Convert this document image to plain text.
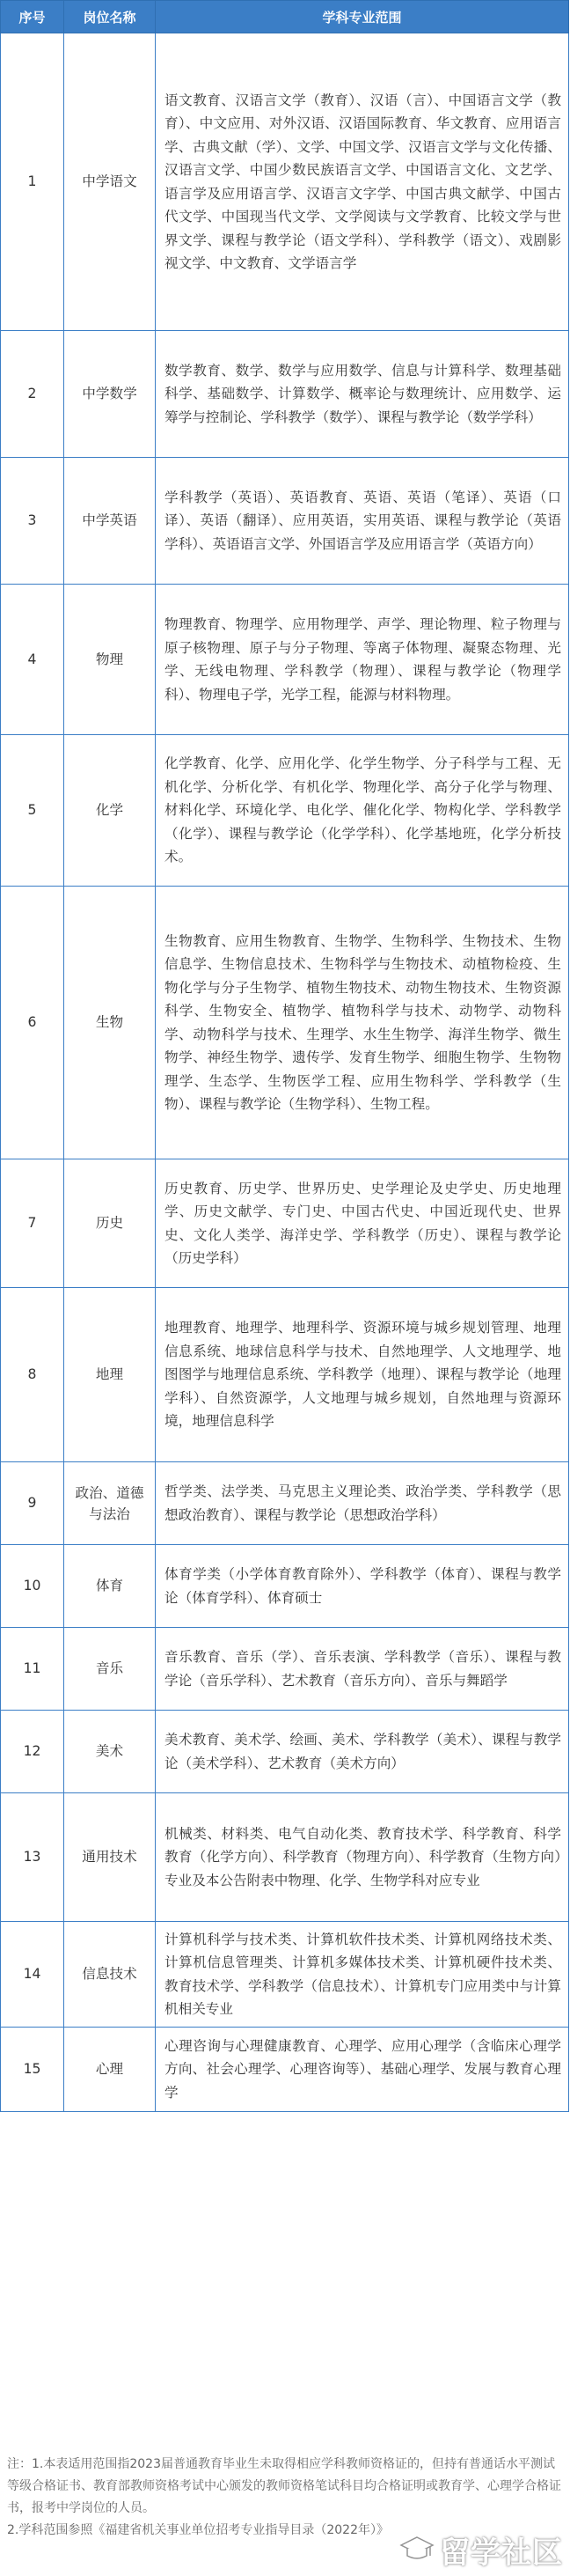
序号	岗位名称	学科专业范围
1	中学语文	语文教育、汉语言文学（教育）、汉语（言）、中国语言文学（教育）、中文应用、对外汉语、汉语国际教育、华文教育、应用语言学、古典文献（学）、文学、中国文学、汉语言文学与文化传播、汉语言文学、中国少数民族语言文学、中国语言文化、文艺学、语言学及应用语言学、汉语言文字学、中国古典文献学、中国古代文学、中国现当代文学、文学阅读与文学教育、比较文学与世界文学、课程与教学论（语文学科）、学科教学（语文）、戏剧影视文学、中文教育、文学语言学
2	中学数学	数学教育、数学、数学与应用数学、信息与计算科学、数理基础科学、基础数学、计算数学、概率论与数理统计、应用数学、运筹学与控制论、学科教学（数学）、课程与教学论（数学学科）
3	中学英语	学科教学（英语）、英语教育、英语、英语（笔译）、英语（口译）、英语（翻译）、应用英语，实用英语、课程与教学论（英语学科）、英语语言文学、外国语言学及应用语言学（英语方向）
4	物理	物理教育、物理学、应用物理学、声学、理论物理、粒子物理与原子核物理、原子与分子物理、等离子体物理、凝聚态物理、光学、无线电物理、学科教学（物理）、课程与教学论（物理学科）、物理电子学，光学工程，能源与材料物理。
5	化学	化学教育、化学、应用化学、化学生物学、分子科学与工程、无机化学、分析化学、有机化学、物理化学、高分子化学与物理、材料化学、环境化学、电化学、催化化学、物构化学、学科教学（化学）、课程与教学论（化学学科）、化学基地班，化学分析技术。
6	生物	生物教育、应用生物教育、生物学、生物科学、生物技术、生物信息学、生物信息技术、生物科学与生物技术、动植物检疫、生物化学与分子生物学、植物生物技术、动物生物技术、生物资源科学、生物安全、植物学、植物科学与技术、动物学、动物科学、动物科学与技术、生理学、水生生物学、海洋生物学、微生物学、神经生物学、遗传学、发育生物学、细胞生物学、生物物理学、生态学、生物医学工程、应用生物科学、学科教学（生物）、课程与教学论（生物学科）、生物工程。
7	历史	历史教育、历史学、世界历史、史学理论及史学史、历史地理学、历史文献学、专门史、中国古代史、中国近现代史、世界史、文化人类学、海洋史学、学科教学（历史）、课程与教学论（历史学科）
8	地理	地理教育、地理学、地理科学、资源环境与城乡规划管理、地理信息系统、地球信息科学与技术、自然地理学、人文地理学、地图图学与地理信息系统、学科教学（地理）、课程与教学论（地理学科）、自然资源学，人文地理与城乡规划，自然地理与资源环境，地理信息科学
9	政治、道德与法治	哲学类、法学类、马克思主义理论类、政治学类、学科教学（思想政治教育）、课程与教学论（思想政治学科）
10	体育	体育学类（小学体育教育除外）、学科教学（体育）、课程与教学论（体育学科）、体育硕士
11	音乐	音乐教育、音乐（学）、音乐表演、学科教学（音乐）、课程与教学论（音乐学科）、艺术教育（音乐方向）、音乐与舞蹈学
12	美术	美术教育、美术学、绘画、美术、学科教学（美术）、课程与教学论（美术学科）、艺术教育（美术方向）
13	通用技术	机械类、材料类、电气自动化类、教育技术学、科学教育、科学教育（化学方向）、科学教育（物理方向）、科学教育（生物方向）专业及本公告附表中物理、化学、生物学科对应专业
14	信息技术	计算机科学与技术类、计算机软件技术类、计算机网络技术类、计算机信息管理类、计算机多媒体技术类、计算机硬件技术类、教育技术学、学科教学（信息技术）、计算机专门应用类中与计算机相关专业
15	心理	心理咨询与心理健康教育、心理学、应用心理学（含临床心理学方向、社会心理学、心理咨询等）、基础心理学、发展与教育心理学

注：1.本表适用范围指2023届普通教育毕业生未取得相应学科教师资格证的，但持有普通话水平测试等级合格证书、教育部教师资格考试中心颁发的教师资格笔试科目均合格证明或教育学、心理学合格证书，报考中学岗位的人员。

2.学科范围参照《福建省机关事业单位招考专业指导目录（2022年）》

留学社区
